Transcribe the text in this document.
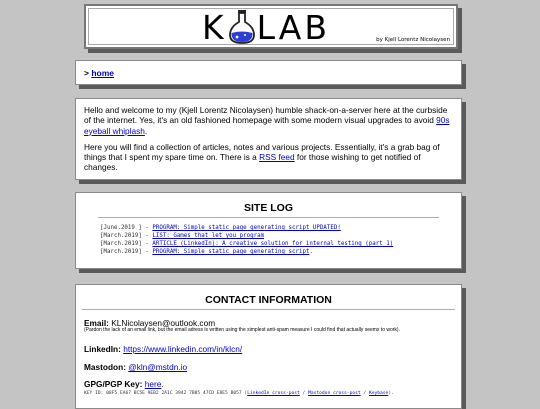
K LAB	by Kjell Lorentz Nicolaysen
> home

Hello and welcome to my (Kjell Lorentz Nicolaysen) humble shack-on-a-server here at the curbside of the internet. Yes, it's an old fashioned homepage with some modern visual upgrades to avoid 90s eyeball whiplash.

Here you will find a collection of articles, notes and various projects. Essentially, it's a grab bag of things that I spent my spare time on. There is a RSS feed for those wishing to get notified of changes.

SITE LOG
[June.2019 ] - PROGRAM: Simple static page generating script UPDATED!
[March.2019] - LIST: Games that let you program
[March.2019] - ARTICLE (LinkedIn): A creative solution for internal testing (part 1)
[March.2019] - PROGRAM: Simple static page generating script.
CONTACT INFORMATION
Email: KLNicolaysen@outlook.com
(Pardon the lack of an email link, but the email adress is written using the simplest anti-spam measure I could find that actually seems to work).
LinkedIn: https://www.linkedin.com/in/klcn/
Mastodon: @kln@mstdn.io
GPG/PGP Key: here.
KEY ID: 08F5 EA67 BC5E 9EB2 2A1C 3942 7B05 47CD E8E5 B057 (LinkedIn cross-post / Mastodon cross-post / Keybase).
